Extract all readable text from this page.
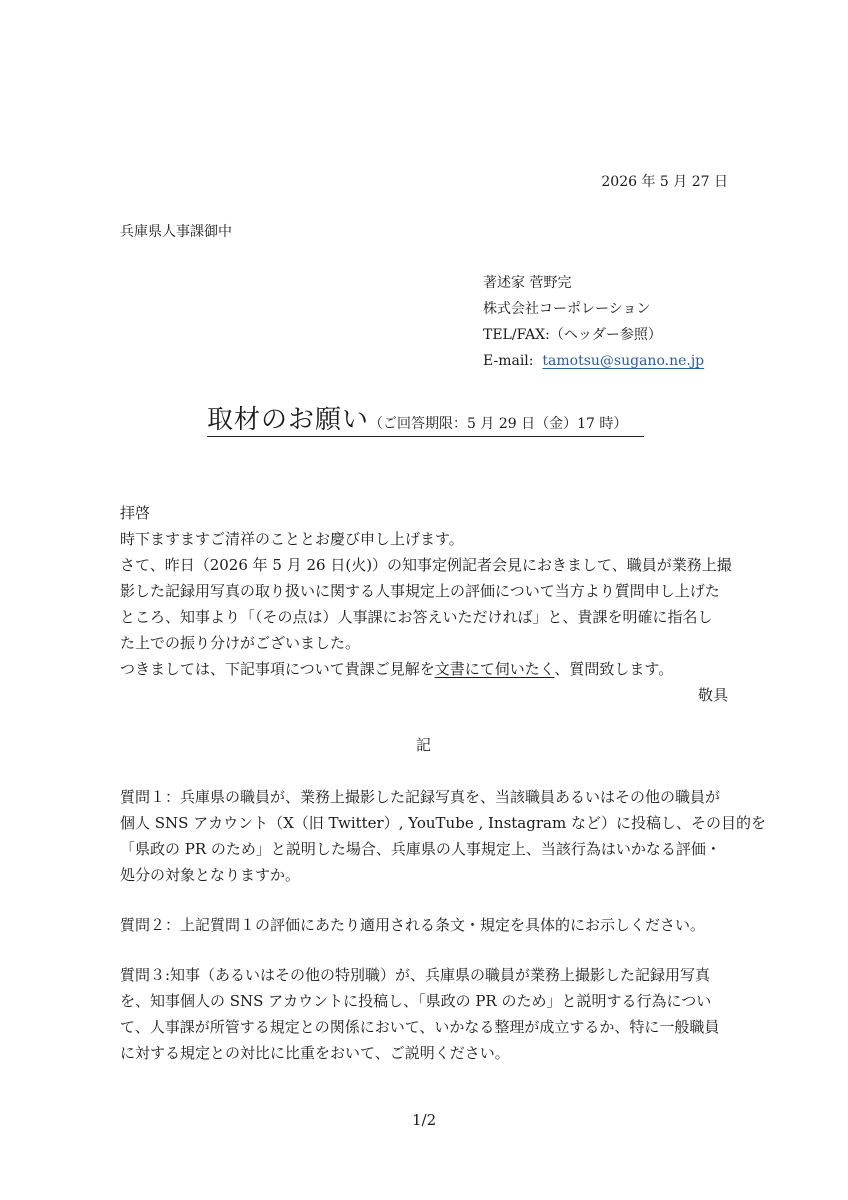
2026 年 5 月 27 日
兵庫県人事課御中
著述家 菅野完
株式会社コーポレーション
TEL/FAX:（ヘッダー参照）
E-mail: tamotsu@sugano.ne.jp
取材のお願い（ご回答期限：5 月 29 日（金）17 時）

拝啓

時下ますますご清祥のこととお慶び申し上げます。

さて、昨日（2026 年 5 月 26 日(火)）の知事定例記者会見におきまして、職員が業務上撮

影した記録用写真の取り扱いに関する人事規定上の評価について当方より質問申し上げた

ところ、知事より「（その点は）人事課にお答えいただければ」と、貴課を明確に指名し

た上での振り分けがございました。

つきましては、下記事項について貴課ご見解を文書にて伺いたく、質問致します。

敬具
記

質問１：兵庫県の職員が、業務上撮影した記録写真を、当該職員あるいはその他の職員が

個人 SNS アカウント（X（旧 Twitter）, YouTube , Instagram など）に投稿し、その目的を

「県政の PR のため」と説明した場合、兵庫県の人事規定上、当該行為はいかなる評価・

処分の対象となりますか。

質問２：上記質問１の評価にあたり適用される条文・規定を具体的にお示しください。

質問３:知事（あるいはその他の特別職）が、兵庫県の職員が業務上撮影した記録用写真

を、知事個人の SNS アカウントに投稿し、「県政の PR のため」と説明する行為につい

て、人事課が所管する規定との関係において、いかなる整理が成立するか、特に一般職員

に対する規定との対比に比重をおいて、ご説明ください。

1/2
